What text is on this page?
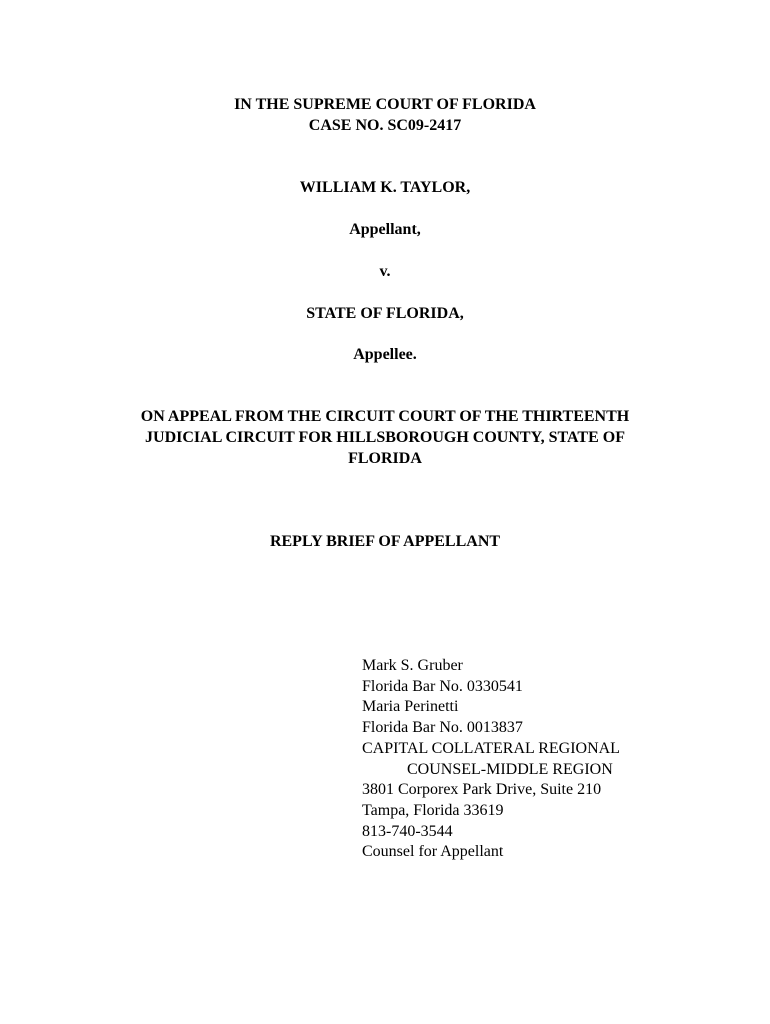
IN THE SUPREME COURT OF FLORIDA
CASE NO. SC09-2417
WILLIAM K. TAYLOR,
Appellant,
v.
STATE OF FLORIDA,
Appellee.
ON APPEAL FROM THE CIRCUIT COURT OF THE THIRTEENTH
JUDICIAL CIRCUIT FOR HILLSBOROUGH COUNTY, STATE OF
FLORIDA
REPLY BRIEF OF APPELLANT
Mark S. Gruber
Florida Bar No. 0330541
Maria Perinetti
Florida Bar No. 0013837
CAPITAL COLLATERAL REGIONAL
COUNSEL-MIDDLE REGION
3801 Corporex Park Drive, Suite 210
Tampa, Florida 33619
813-740-3544
Counsel for Appellant
